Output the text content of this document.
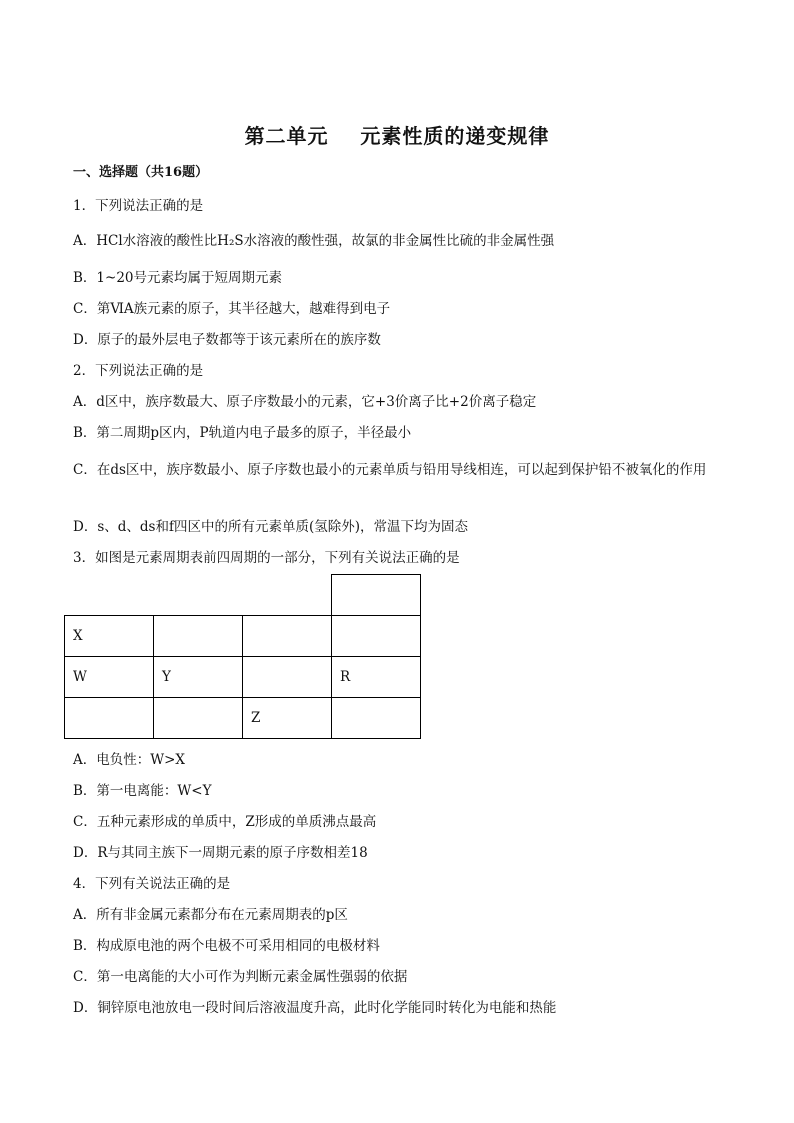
第二单元    元素性质的递变规律
一、选择题（共16题）
1．下列说法正确的是
A．HCl水溶液的酸性比H₂S水溶液的酸性强，故氯的非金属性比硫的非金属性强
B．1~20号元素均属于短周期元素
C．第ⅥA族元素的原子，其半径越大，越难得到电子
D．原子的最外层电子数都等于该元素所在的族序数
2．下列说法正确的是
A．d区中，族序数最大、原子序数最小的元素，它+3价离子比+2价离子稳定
B．第二周期p区内，P轨道内电子最多的原子，半径最小
C．在ds区中，族序数最小、原子序数也最小的元素单质与铅用导线相连，可以起到保护铅不被氧化的作用
D．s、d、ds和f四区中的所有元素单质(氢除外)，常温下均为固态
3．如图是元素周期表前四周期的一部分，下列有关说法正确的是

X			
W	Y		R
		Z	
A．电负性：W>X
B．第一电离能：W<Y
C．五种元素形成的单质中，Z形成的单质沸点最高
D．R与其同主族下一周期元素的原子序数相差18
4．下列有关说法正确的是
A．所有非金属元素都分布在元素周期表的p区
B．构成原电池的两个电极不可采用相同的电极材料
C．第一电离能的大小可作为判断元素金属性强弱的依据
D．铜锌原电池放电一段时间后溶液温度升高，此时化学能同时转化为电能和热能
